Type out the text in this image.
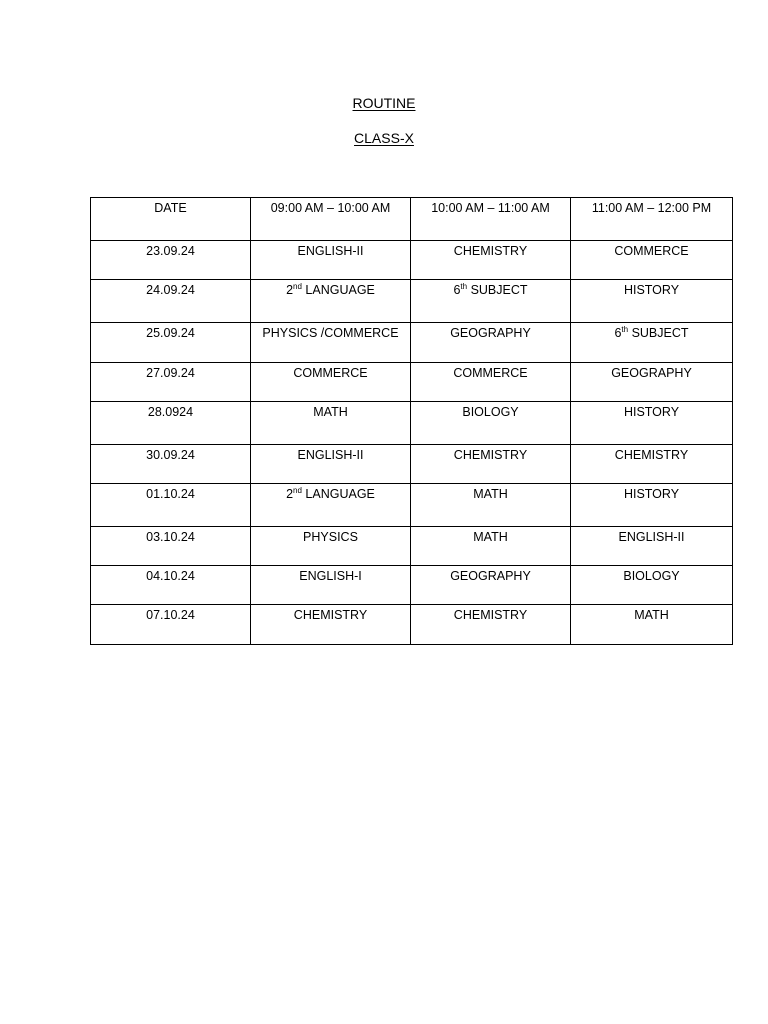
ROUTINE
CLASS-X
DATE	09:00 AM – 10:00 AM	10:00 AM – 11:00 AM	11:00 AM – 12:00 PM
23.09.24	ENGLISH-II	CHEMISTRY	COMMERCE
24.09.24	2nd LANGUAGE	6th SUBJECT	HISTORY
25.09.24	PHYSICS /COMMERCE	GEOGRAPHY	6th SUBJECT
27.09.24	COMMERCE	COMMERCE	GEOGRAPHY
28.0924	MATH	BIOLOGY	HISTORY
30.09.24	ENGLISH-II	CHEMISTRY	CHEMISTRY
01.10.24	2nd LANGUAGE	MATH	HISTORY
03.10.24	PHYSICS	MATH	ENGLISH-II
04.10.24	ENGLISH-I	GEOGRAPHY	BIOLOGY
07.10.24	CHEMISTRY	CHEMISTRY	MATH
